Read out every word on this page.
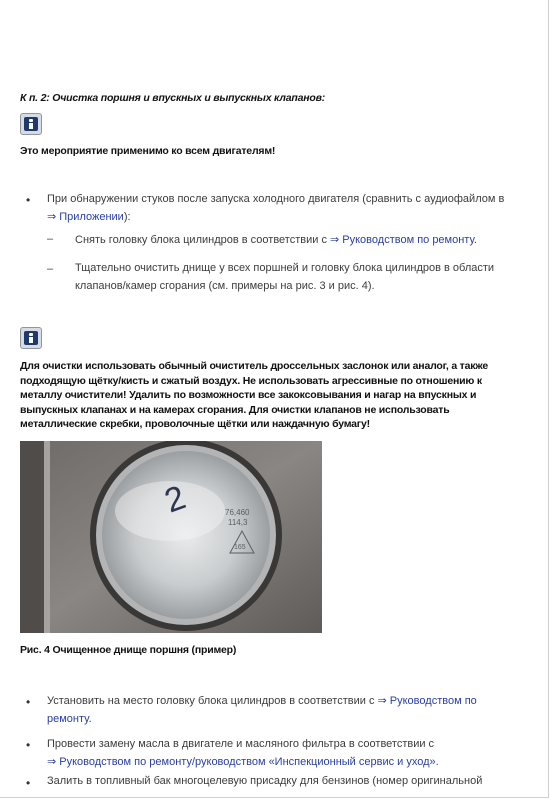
К п. 2: Очистка поршня и впускных и выпускных клапанов:
Это мероприятие применимо ко всем двигателям!
• При обнаружении стуков после запуска холодного двигателя (сравнить с аудиофайлом в
⇒ Приложении):
– Снять головку блока цилиндров в соответствии с ⇒ Руководством по ремонту.
– Тщательно очистить днище у всех поршней и головку блока цилиндров в области
клапанов/камер сгорания (см. примеры на рис. 3 и рис. 4).
Для очистки использовать обычный очиститель дроссельных заслонок или аналог, а также
подходящую щётку/кисть и сжатый воздух. Не использовать агрессивные по отношению к
металлу очистители! Удалить по возможности все закоксовывания и нагар на впускных и
выпускных клапанах и на камерах сгорания. Для очистки клапанов не использовать
металлические скребки, проволочные щётки или наждачную бумагу!
2	76,460
114,3
165
Рис. 4 Очищенное днище поршня (пример)
• Установить на место головку блока цилиндров в соответствии с ⇒ Руководством по
ремонту.
• Провести замену масла в двигателе и масляного фильтра в соответствии с
⇒ Руководством по ремонту/руководством «Инспекционный сервис и уход».
• Залить в топливный бак многоцелевую присадку для бензинов (номер оригинальной
